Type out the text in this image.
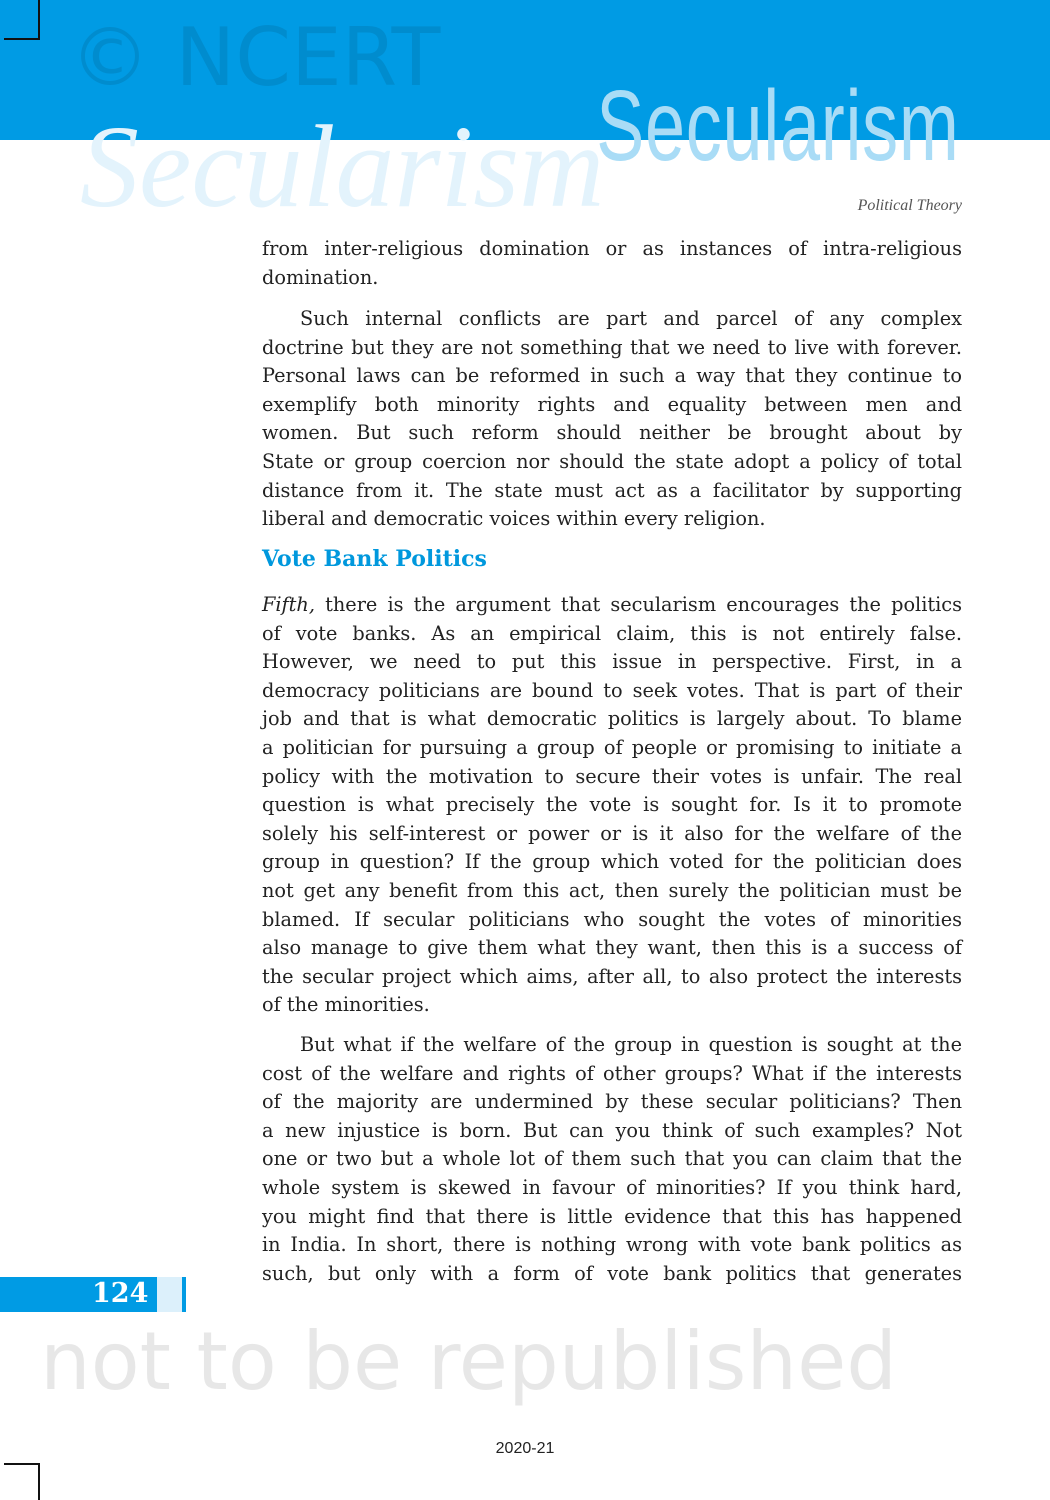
Secularism
Secularism
Political Theory
© NCERT
not to be republished
from inter-religious domination or as instances of intra-religious
domination.
Such internal conflicts are part and parcel of any complex
doctrine but they are not something that we need to live with forever.
Personal laws can be reformed in such a way that they continue to
exemplify both minority rights and equality between men and
women. But such reform should neither be brought about by
State or group coercion nor should the state adopt a policy of total
distance from it. The state must act as a facilitator by supporting
liberal and democratic voices within every religion.
Vote Bank Politics
Fifth, there is the argument that secularism encourages the politics
of vote banks. As an empirical claim, this is not entirely false.
However, we need to put this issue in perspective. First, in a
democracy politicians are bound to seek votes. That is part of their
job and that is what democratic politics is largely about. To blame
a politician for pursuing a group of people or promising to initiate a
policy with the motivation to secure their votes is unfair. The real
question is what precisely the vote is sought for. Is it to promote
solely his self-interest or power or is it also for the welfare of the
group in question? If the group which voted for the politician does
not get any benefit from this act, then surely the politician must be
blamed. If secular politicians who sought the votes of minorities
also manage to give them what they want, then this is a success of
the secular project which aims, after all, to also protect the interests
of the minorities.
But what if the welfare of the group in question is sought at the
cost of the welfare and rights of other groups? What if the interests
of the majority are undermined by these secular politicians? Then
a new injustice is born. But can you think of such examples? Not
one or two but a whole lot of them such that you can claim that the
whole system is skewed in favour of minorities? If you think hard,
you might find that there is little evidence that this has happened
in India. In short, there is nothing wrong with vote bank politics as
such, but only with a form of vote bank politics that generates
124
2020-21
